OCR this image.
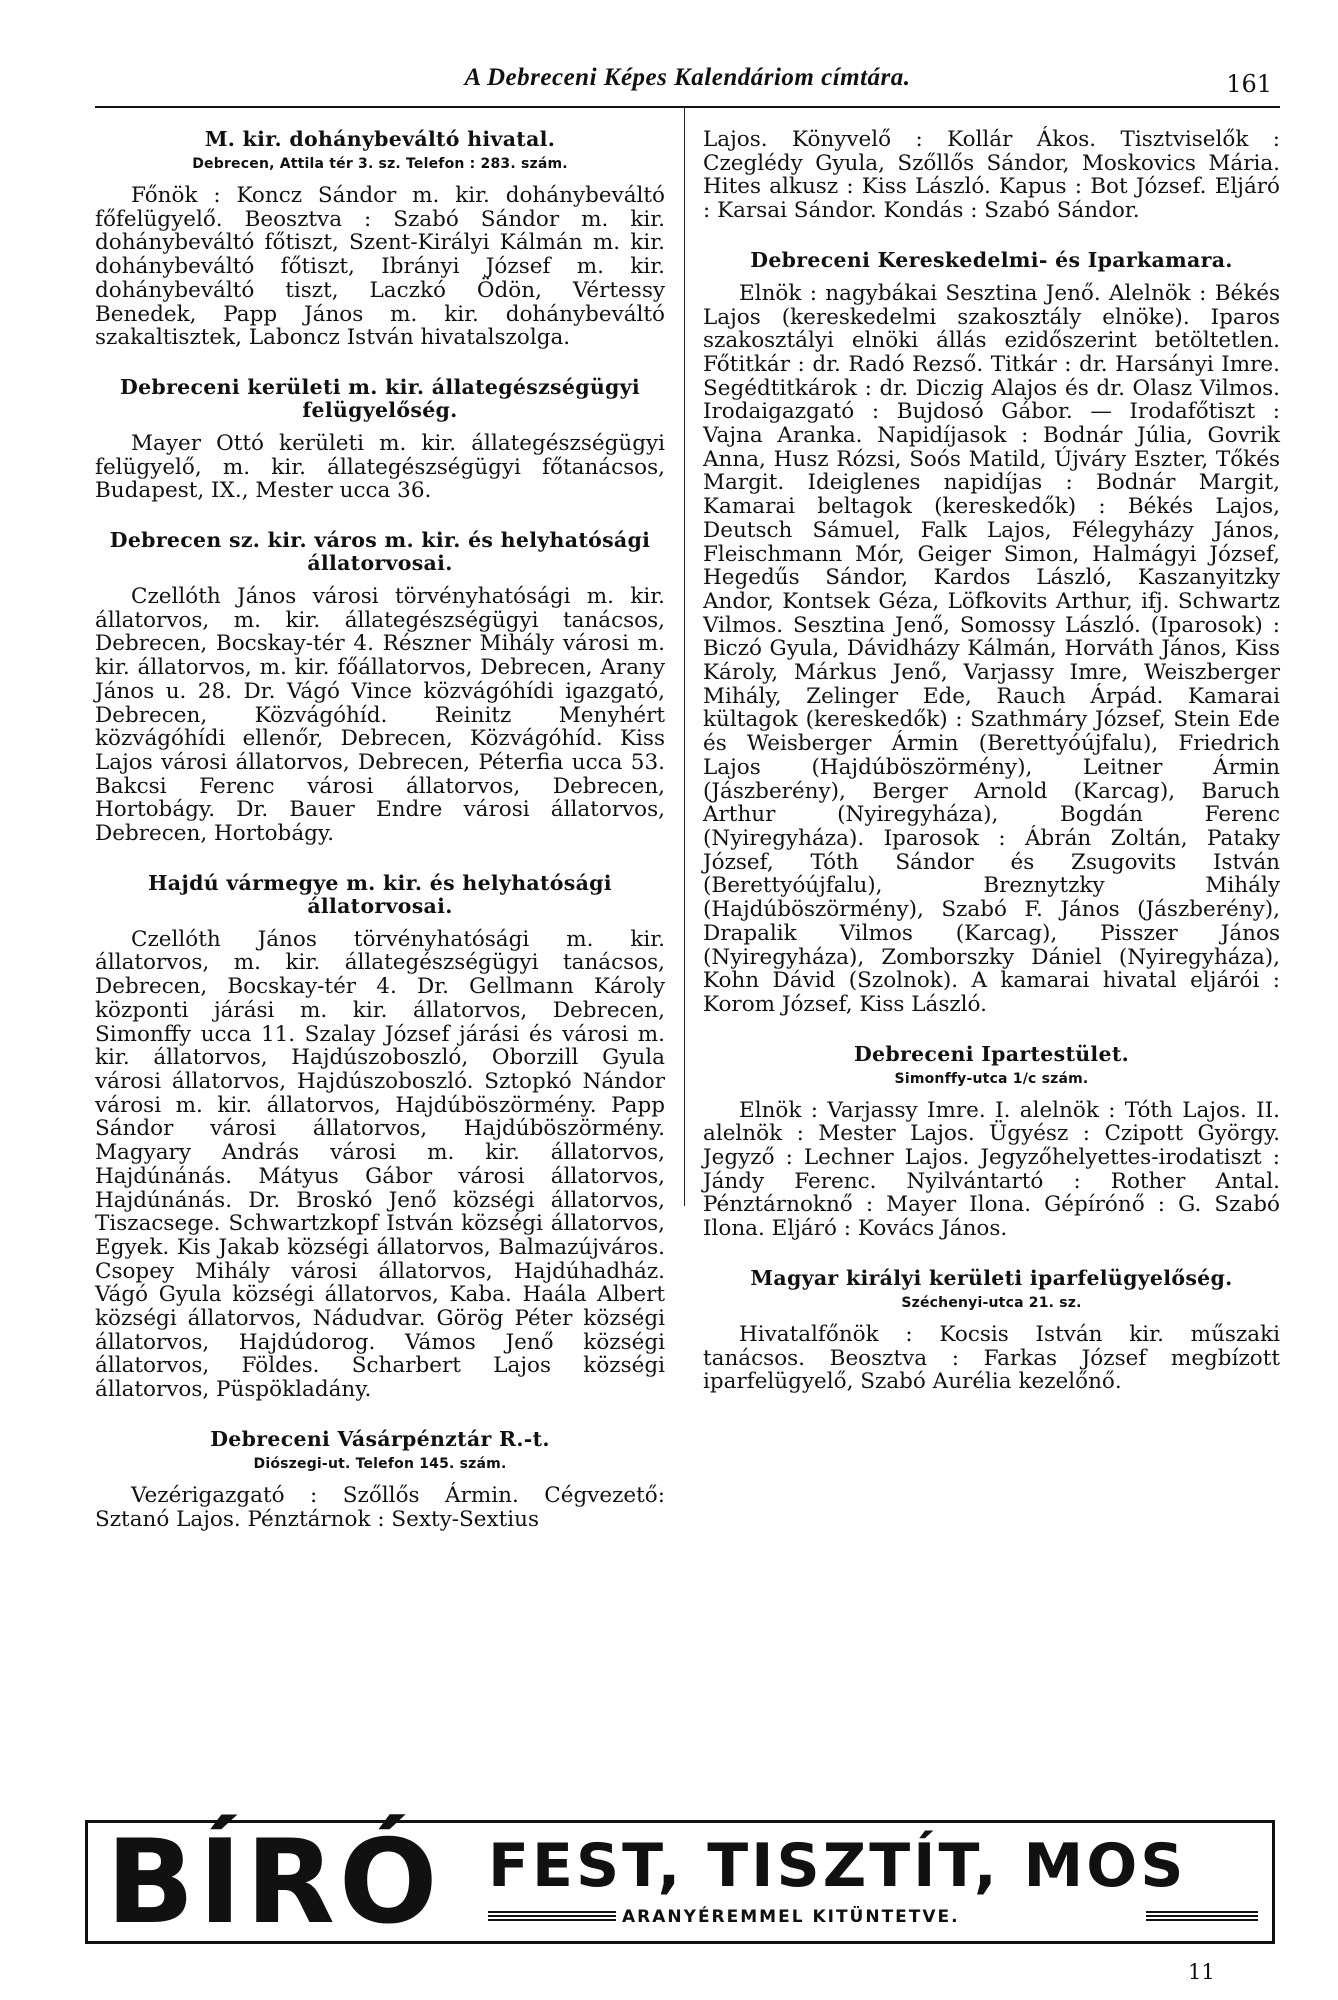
A Debreceni Képes Kalendáriom címtára.	161
M. kir. dohánybeváltó hivatal.
Debrecen, Attila tér 3. sz. Telefon : 283. szám.
Főnök : Koncz Sándor m. kir. dohánybeváltó főfelügyelő. Beosztva : Szabó Sándor m. kir. dohánybeváltó főtiszt, Szent-Királyi Kálmán m. kir. dohánybeváltó főtiszt, Ibrányi József m. kir. dohánybeváltó tiszt, Laczkó Ödön, Vértessy Benedek, Papp János m. kir. dohánybeváltó szakaltisztek, Laboncz István hivatalszolga.
Debreceni kerületi m. kir. állategészségügyi felügyelőség.
Mayer Ottó kerületi m. kir. állategészségügyi felügyelő, m. kir. állategészségügyi főtanácsos, Budapest, IX., Mester ucca 36.
Debrecen sz. kir. város m. kir. és helyhatósági állatorvosai.
Czellóth János városi törvényhatósági m. kir. állatorvos, m. kir. állategészségügyi tanácsos, Debrecen, Bocskay-tér 4. Részner Mihály városi m. kir. állatorvos, m. kir. főállatorvos, Debrecen, Arany János u. 28. Dr. Vágó Vince közvágóhídi igazgató, Debrecen, Közvágóhíd. Reinitz Menyhért közvágóhídi ellenőr, Debrecen, Közvágóhíd. Kiss Lajos városi állatorvos, Debrecen, Péterfia ucca 53. Bakcsi Ferenc városi állatorvos, Debrecen, Hortobágy. Dr. Bauer Endre városi állatorvos, Debrecen, Hortobágy.
Hajdú vármegye m. kir. és helyhatósági állatorvosai.
Czellóth János törvényhatósági m. kir. állatorvos, m. kir. állategészségügyi tanácsos, Debrecen, Bocskay-tér 4. Dr. Gellmann Károly központi járási m. kir. állatorvos, Debrecen, Simonffy ucca 11. Szalay József járási és városi m. kir. állatorvos, Hajdúszoboszló, Oborzill Gyula városi állatorvos, Hajdúszoboszló. Sztopkó Nándor városi m. kir. állatorvos, Hajdúböszörmény. Papp Sándor városi állatorvos, Hajdúböszörmény. Magyary András városi m. kir. állatorvos, Hajdúnánás. Mátyus Gábor városi állatorvos, Hajdúnánás. Dr. Broskó Jenő községi állatorvos, Tiszacsege. Schwartzkopf István községi állatorvos, Egyek. Kis Jakab községi állatorvos, Balmazújváros. Csopey Mihály városi állatorvos, Hajdúhadház. Vágó Gyula községi állatorvos, Kaba. Haála Albert községi állatorvos, Nádudvar. Görög Péter községi állatorvos, Hajdúdorog. Vámos Jenő községi állatorvos, Földes. Scharbert Lajos községi állatorvos, Püspökladány.
Debreceni Vásárpénztár R.-t.
Diószegi-ut. Telefon 145. szám.
Vezérigazgató : Szőllős Ármin. Cégvezető: Sztanó Lajos. Pénztárnok : Sexty-Sextius
Lajos. Könyvelő : Kollár Ákos. Tisztviselők : Czeglédy Gyula, Szőllős Sándor, Moskovics Mária. Hites alkusz : Kiss László. Kapus : Bot József. Eljáró : Karsai Sándor. Kondás : Szabó Sándor.
Debreceni Kereskedelmi- és Iparkamara.
Elnök : nagybákai Sesztina Jenő. Alelnök : Békés Lajos (kereskedelmi szakosztály elnöke). Iparos szakosztályi elnöki állás ezidőszerint betöltetlen. Főtitkár : dr. Radó Rezső. Titkár : dr. Harsányi Imre. Segédtitkárok : dr. Diczig Alajos és dr. Olasz Vilmos. Irodaigazgató : Bujdosó Gábor. — Irodafőtiszt : Vajna Aranka. Napidíjasok : Bodnár Júlia, Govrik Anna, Husz Rózsi, Soós Matild, Újváry Eszter, Tőkés Margit. Ideiglenes napidíjas : Bodnár Margit, Kamarai beltagok (kereskedők) : Békés Lajos, Deutsch Sámuel, Falk Lajos, Félegyházy János, Fleischmann Mór, Geiger Simon, Halmágyi József, Hegedűs Sándor, Kardos László, Kaszanyitzky Andor, Kontsek Géza, Löfkovits Arthur, ifj. Schwartz Vilmos. Sesztina Jenő, Somossy László. (Iparosok) : Biczó Gyula, Dávidházy Kálmán, Horváth János, Kiss Károly, Márkus Jenő, Varjassy Imre, Weiszberger Mihály, Zelinger Ede, Rauch Árpád. Kamarai kültagok (kereskedők) : Szathmáry József, Stein Ede és Weisberger Ármin (Berettyóújfalu), Friedrich Lajos (Hajdúböszörmény), Leitner Ármin (Jászberény), Berger Arnold (Karcag), Baruch Arthur (Nyiregyháza), Bogdán Ferenc (Nyiregyháza). Iparosok : Ábrán Zoltán, Pataky József, Tóth Sándor és Zsugovits István (Berettyóújfalu), Breznytzky Mihály (Hajdúböszörmény), Szabó F. János (Jászberény), Drapalik Vilmos (Karcag), Pisszer János (Nyiregyháza), Zomborszky Dániel (Nyiregyháza), Kohn Dávid (Szolnok). A kamarai hivatal eljárói : Korom József, Kiss László.
Debreceni Ipartestület.
Simonffy-utca 1/c szám.
Elnök : Varjassy Imre. I. alelnök : Tóth Lajos. II. alelnök : Mester Lajos. Ügyész : Czipott György. Jegyző : Lechner Lajos. Jegyzőhelyettes-irodatiszt : Jándy Ferenc. Nyilvántartó : Rother Antal. Pénztárnoknő : Mayer Ilona. Gépírónő : G. Szabó Ilona. Eljáró : Kovács János.
Magyar királyi kerületi iparfelügyelőség.
Széchenyi-utca 21. sz.
Hivatalfőnök : Kocsis István kir. műszaki tanácsos. Beosztva : Farkas József megbízott iparfelügyelő, Szabó Aurélia kezelőnő.
BÍRÓ FEST, TISZTÍT, MOS
ARANYÉREMMEL KITÜNTETVE.
11
